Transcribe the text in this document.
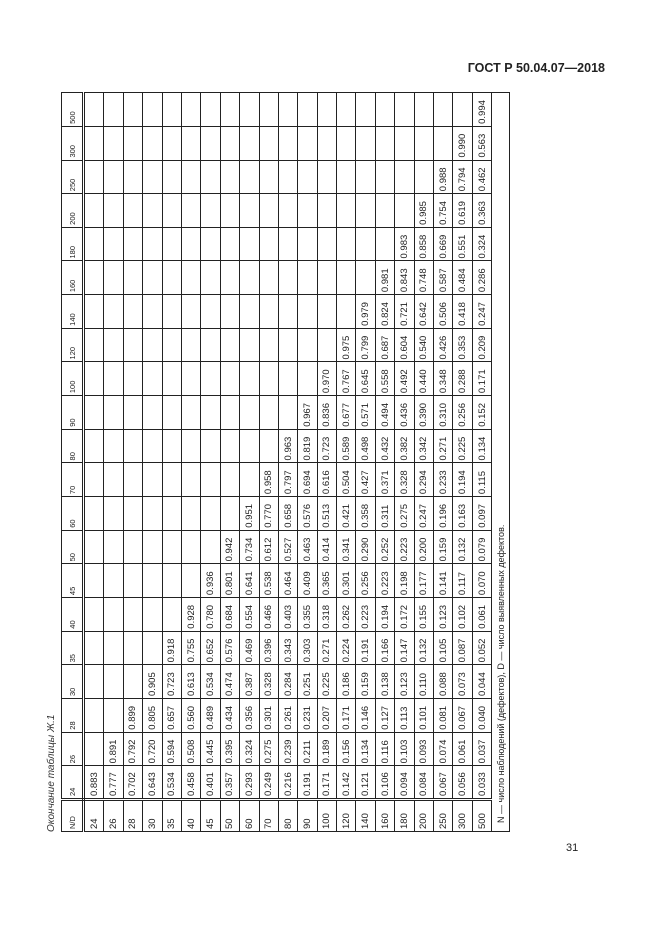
ГОСТ Р 50.04.07—2018
Окончание таблицы Ж.1	N/D	24	26	28	30	35	40	45	50	60	70	80	90	100	120	140	160	180	200	250	300	500
24	0.883																				
26	0.777	0.891																			
28	0.702	0.792	0.899																		
30	0.643	0.720	0.805	0.905																	
35	0.534	0.594	0.657	0.723	0.918																
40	0.458	0.508	0.560	0.613	0.755	0.928															
45	0.401	0.445	0.489	0.534	0.652	0.780	0.936														
50	0.357	0.395	0.434	0.474	0.576	0.684	0.801	0.942													
60	0.293	0.324	0.356	0.387	0.469	0.554	0.641	0.734	0.951												
70	0.249	0.275	0.301	0.328	0.396	0.466	0.538	0.612	0.770	0.958											
80	0.216	0.239	0.261	0.284	0.343	0.403	0.464	0.527	0.658	0.797	0.963										
90	0.191	0.211	0.231	0.251	0.303	0.355	0.409	0.463	0.576	0.694	0.819	0.967									
100	0.171	0.189	0.207	0.225	0.271	0.318	0.365	0.414	0.513	0.616	0.723	0.836	0.970								
120	0.142	0.156	0.171	0.186	0.224	0.262	0.301	0.341	0.421	0.504	0.589	0.677	0.767	0.975							
140	0.121	0.134	0.146	0.159	0.191	0.223	0.256	0.290	0.358	0.427	0.498	0.571	0.645	0.799	0.979						
160	0.106	0.116	0.127	0.138	0.166	0.194	0.223	0.252	0.311	0.371	0.432	0.494	0.558	0.687	0.824	0.981					
180	0.094	0.103	0.113	0.123	0.147	0.172	0.198	0.223	0.275	0.328	0.382	0.436	0.492	0.604	0.721	0.843	0.983				
200	0.084	0.093	0.101	0.110	0.132	0.155	0.177	0.200	0.247	0.294	0.342	0.390	0.440	0.540	0.642	0.748	0.858	0.985			
250	0.067	0.074	0.081	0.088	0.105	0.123	0.141	0.159	0.196	0.233	0.271	0.310	0.348	0.426	0.506	0.587	0.669	0.754	0.988		
300	0.056	0.061	0.067	0.073	0.087	0.102	0.117	0.132	0.163	0.194	0.225	0.256	0.288	0.353	0.418	0.484	0.551	0.619	0.794	0.990	
500	0.033	0.037	0.040	0.044	0.052	0.061	0.070	0.079	0.097	0.115	0.134	0.152	0.171	0.209	0.247	0.286	0.324	0.363	0.462	0.563	0.994
N — число наблюдений (дефектов), D — число выявленных дефектов.																					
31
